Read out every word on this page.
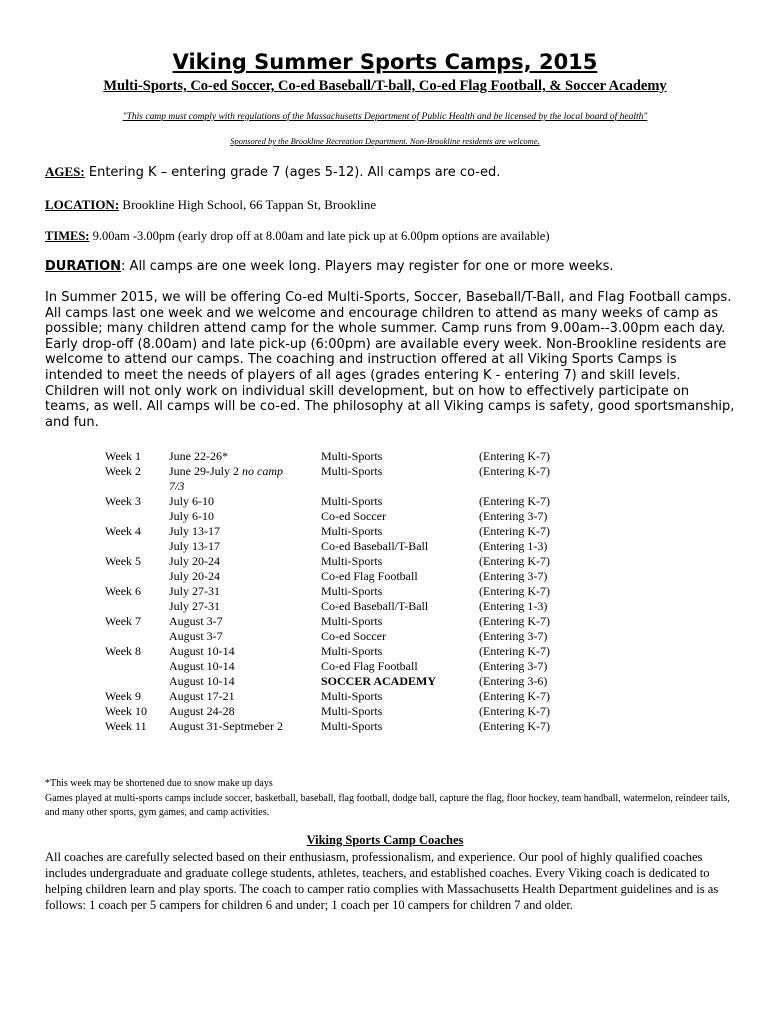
Viking Summer Sports Camps, 2015
Multi-Sports, Co-ed Soccer, Co-ed Baseball/T-ball, Co-ed Flag Football, & Soccer Academy
"This camp must comply with regulations of the Massachusetts Department of Public Health and be licensed by the local board of health"
Sponsored by the Brookline Recreation Department. Non-Brookline residents are welcome.
AGES: Entering K – entering grade 7 (ages 5-12). All camps are co-ed.
LOCATION: Brookline High School, 66 Tappan St, Brookline
TIMES: 9.00am -3.00pm (early drop off at 8.00am and late pick up at 6.00pm options are available)
DURATION: All camps are one week long. Players may register for one or more weeks.
In Summer 2015, we will be offering Co-ed Multi-Sports, Soccer, Baseball/T-Ball, and Flag Football camps. All camps last one week and we welcome and encourage children to attend as many weeks of camp as possible; many children attend camp for the whole summer. Camp runs from 9.00am--3.00pm each day. Early drop-off (8.00am) and late pick-up (6:00pm) are available every week. Non-Brookline residents are welcome to attend our camps. The coaching and instruction offered at all Viking Sports Camps is intended to meet the needs of players of all ages (grades entering K - entering 7) and skill levels. Children will not only work on individual skill development, but on how to effectively participate on teams, as well. All camps will be co-ed. The philosophy at all Viking camps is safety, good sportsmanship, and fun.
Week 1	June 22-26*	Multi-Sports	(Entering K-7)
Week 2	June 29-July 2 no camp	Multi-Sports	(Entering K-7)
	7/3		
Week 3	July 6-10	Multi-Sports	(Entering K-7)
	July 6-10	Co-ed Soccer	(Entering 3-7)
Week 4	July 13-17	Multi-Sports	(Entering K-7)
	July 13-17	Co-ed Baseball/T-Ball	(Entering 1-3)
Week 5	July 20-24	Multi-Sports	(Entering K-7)
	July 20-24	Co-ed Flag Football	(Entering 3-7)
Week 6	July 27-31	Multi-Sports	(Entering K-7)
	July 27-31	Co-ed Baseball/T-Ball	(Entering 1-3)
Week 7	August 3-7	Multi-Sports	(Entering K-7)
	August 3-7	Co-ed Soccer	(Entering 3-7)
Week 8	August 10-14	Multi-Sports	(Entering K-7)
	August 10-14	Co-ed Flag Football	(Entering 3-7)
	August 10-14	SOCCER ACADEMY	(Entering 3-6)
Week 9	August 17-21	Multi-Sports	(Entering K-7)
Week 10	August 24-28	Multi-Sports	(Entering K-7)
Week 11	August 31-Septmeber 2	Multi-Sports	(Entering K-7)
*This week may be shortened due to snow make up days
Games played at multi-sports camps include soccer, basketball, baseball, flag football, dodge ball, capture the flag, floor hockey, team handball, watermelon, reindeer tails, and many other sports, gym games, and camp activities.
Viking Sports Camp Coaches
All coaches are carefully selected based on their enthusiasm, professionalism, and experience. Our pool of highly qualified coaches includes undergraduate and graduate college students, athletes, teachers, and established coaches. Every Viking coach is dedicated to helping children learn and play sports. The coach to camper ratio complies with Massachusetts Health Department guidelines and is as follows: 1 coach per 5 campers for children 6 and under; 1 coach per 10 campers for children 7 and older.
